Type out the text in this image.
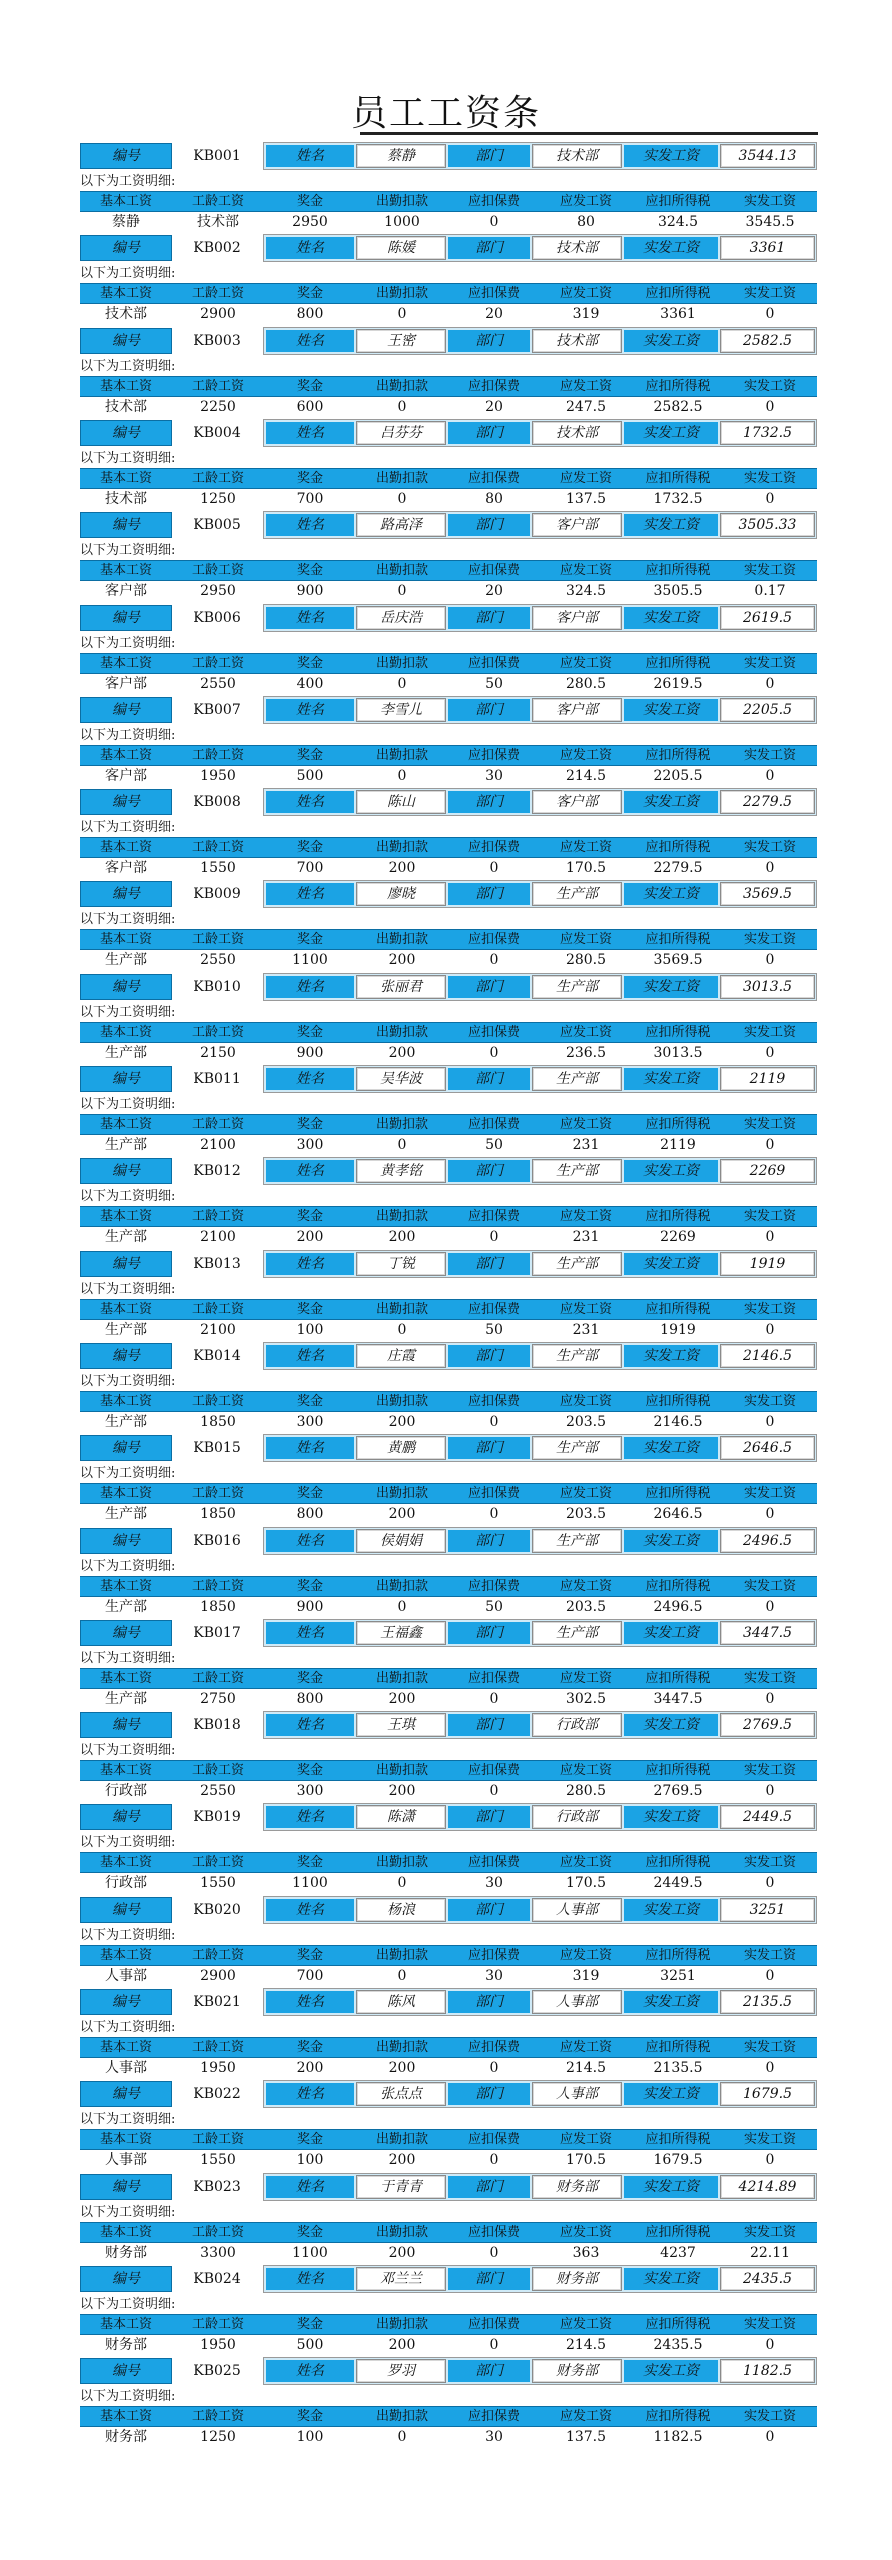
员工工资条
编号	KB001	姓名	蔡静	部门	技术部	实发工资	3544.13
以下为工资明细:
基本工资	工龄工资	奖金	出勤扣款	应扣保费	应发工资	应扣所得税	实发工资
蔡静	技术部	2950	1000	0	80	324.5	3545.5
编号	KB002	姓名	陈媛	部门	技术部	实发工资	3361
以下为工资明细:
基本工资	工龄工资	奖金	出勤扣款	应扣保费	应发工资	应扣所得税	实发工资
技术部	2900	800	0	20	319	3361	0
编号	KB003	姓名	王密	部门	技术部	实发工资	2582.5
以下为工资明细:
基本工资	工龄工资	奖金	出勤扣款	应扣保费	应发工资	应扣所得税	实发工资
技术部	2250	600	0	20	247.5	2582.5	0
编号	KB004	姓名	吕芬芬	部门	技术部	实发工资	1732.5
以下为工资明细:
基本工资	工龄工资	奖金	出勤扣款	应扣保费	应发工资	应扣所得税	实发工资
技术部	1250	700	0	80	137.5	1732.5	0
编号	KB005	姓名	路高泽	部门	客户部	实发工资	3505.33
以下为工资明细:
基本工资	工龄工资	奖金	出勤扣款	应扣保费	应发工资	应扣所得税	实发工资
客户部	2950	900	0	20	324.5	3505.5	0.17
编号	KB006	姓名	岳庆浩	部门	客户部	实发工资	2619.5
以下为工资明细:
基本工资	工龄工资	奖金	出勤扣款	应扣保费	应发工资	应扣所得税	实发工资
客户部	2550	400	0	50	280.5	2619.5	0
编号	KB007	姓名	李雪儿	部门	客户部	实发工资	2205.5
以下为工资明细:
基本工资	工龄工资	奖金	出勤扣款	应扣保费	应发工资	应扣所得税	实发工资
客户部	1950	500	0	30	214.5	2205.5	0
编号	KB008	姓名	陈山	部门	客户部	实发工资	2279.5
以下为工资明细:
基本工资	工龄工资	奖金	出勤扣款	应扣保费	应发工资	应扣所得税	实发工资
客户部	1550	700	200	0	170.5	2279.5	0
编号	KB009	姓名	廖晓	部门	生产部	实发工资	3569.5
以下为工资明细:
基本工资	工龄工资	奖金	出勤扣款	应扣保费	应发工资	应扣所得税	实发工资
生产部	2550	1100	200	0	280.5	3569.5	0
编号	KB010	姓名	张丽君	部门	生产部	实发工资	3013.5
以下为工资明细:
基本工资	工龄工资	奖金	出勤扣款	应扣保费	应发工资	应扣所得税	实发工资
生产部	2150	900	200	0	236.5	3013.5	0
编号	KB011	姓名	吴华波	部门	生产部	实发工资	2119
以下为工资明细:
基本工资	工龄工资	奖金	出勤扣款	应扣保费	应发工资	应扣所得税	实发工资
生产部	2100	300	0	50	231	2119	0
编号	KB012	姓名	黄孝铭	部门	生产部	实发工资	2269
以下为工资明细:
基本工资	工龄工资	奖金	出勤扣款	应扣保费	应发工资	应扣所得税	实发工资
生产部	2100	200	200	0	231	2269	0
编号	KB013	姓名	丁锐	部门	生产部	实发工资	1919
以下为工资明细:
基本工资	工龄工资	奖金	出勤扣款	应扣保费	应发工资	应扣所得税	实发工资
生产部	2100	100	0	50	231	1919	0
编号	KB014	姓名	庄霞	部门	生产部	实发工资	2146.5
以下为工资明细:
基本工资	工龄工资	奖金	出勤扣款	应扣保费	应发工资	应扣所得税	实发工资
生产部	1850	300	200	0	203.5	2146.5	0
编号	KB015	姓名	黄鹏	部门	生产部	实发工资	2646.5
以下为工资明细:
基本工资	工龄工资	奖金	出勤扣款	应扣保费	应发工资	应扣所得税	实发工资
生产部	1850	800	200	0	203.5	2646.5	0
编号	KB016	姓名	侯娟娟	部门	生产部	实发工资	2496.5
以下为工资明细:
基本工资	工龄工资	奖金	出勤扣款	应扣保费	应发工资	应扣所得税	实发工资
生产部	1850	900	0	50	203.5	2496.5	0
编号	KB017	姓名	王福鑫	部门	生产部	实发工资	3447.5
以下为工资明细:
基本工资	工龄工资	奖金	出勤扣款	应扣保费	应发工资	应扣所得税	实发工资
生产部	2750	800	200	0	302.5	3447.5	0
编号	KB018	姓名	王琪	部门	行政部	实发工资	2769.5
以下为工资明细:
基本工资	工龄工资	奖金	出勤扣款	应扣保费	应发工资	应扣所得税	实发工资
行政部	2550	300	200	0	280.5	2769.5	0
编号	KB019	姓名	陈潇	部门	行政部	实发工资	2449.5
以下为工资明细:
基本工资	工龄工资	奖金	出勤扣款	应扣保费	应发工资	应扣所得税	实发工资
行政部	1550	1100	0	30	170.5	2449.5	0
编号	KB020	姓名	杨浪	部门	人事部	实发工资	3251
以下为工资明细:
基本工资	工龄工资	奖金	出勤扣款	应扣保费	应发工资	应扣所得税	实发工资
人事部	2900	700	0	30	319	3251	0
编号	KB021	姓名	陈风	部门	人事部	实发工资	2135.5
以下为工资明细:
基本工资	工龄工资	奖金	出勤扣款	应扣保费	应发工资	应扣所得税	实发工资
人事部	1950	200	200	0	214.5	2135.5	0
编号	KB022	姓名	张点点	部门	人事部	实发工资	1679.5
以下为工资明细:
基本工资	工龄工资	奖金	出勤扣款	应扣保费	应发工资	应扣所得税	实发工资
人事部	1550	100	200	0	170.5	1679.5	0
编号	KB023	姓名	于青青	部门	财务部	实发工资	4214.89
以下为工资明细:
基本工资	工龄工资	奖金	出勤扣款	应扣保费	应发工资	应扣所得税	实发工资
财务部	3300	1100	200	0	363	4237	22.11
编号	KB024	姓名	邓兰兰	部门	财务部	实发工资	2435.5
以下为工资明细:
基本工资	工龄工资	奖金	出勤扣款	应扣保费	应发工资	应扣所得税	实发工资
财务部	1950	500	200	0	214.5	2435.5	0
编号	KB025	姓名	罗羽	部门	财务部	实发工资	1182.5
以下为工资明细:
基本工资	工龄工资	奖金	出勤扣款	应扣保费	应发工资	应扣所得税	实发工资
财务部	1250	100	0	30	137.5	1182.5	0
